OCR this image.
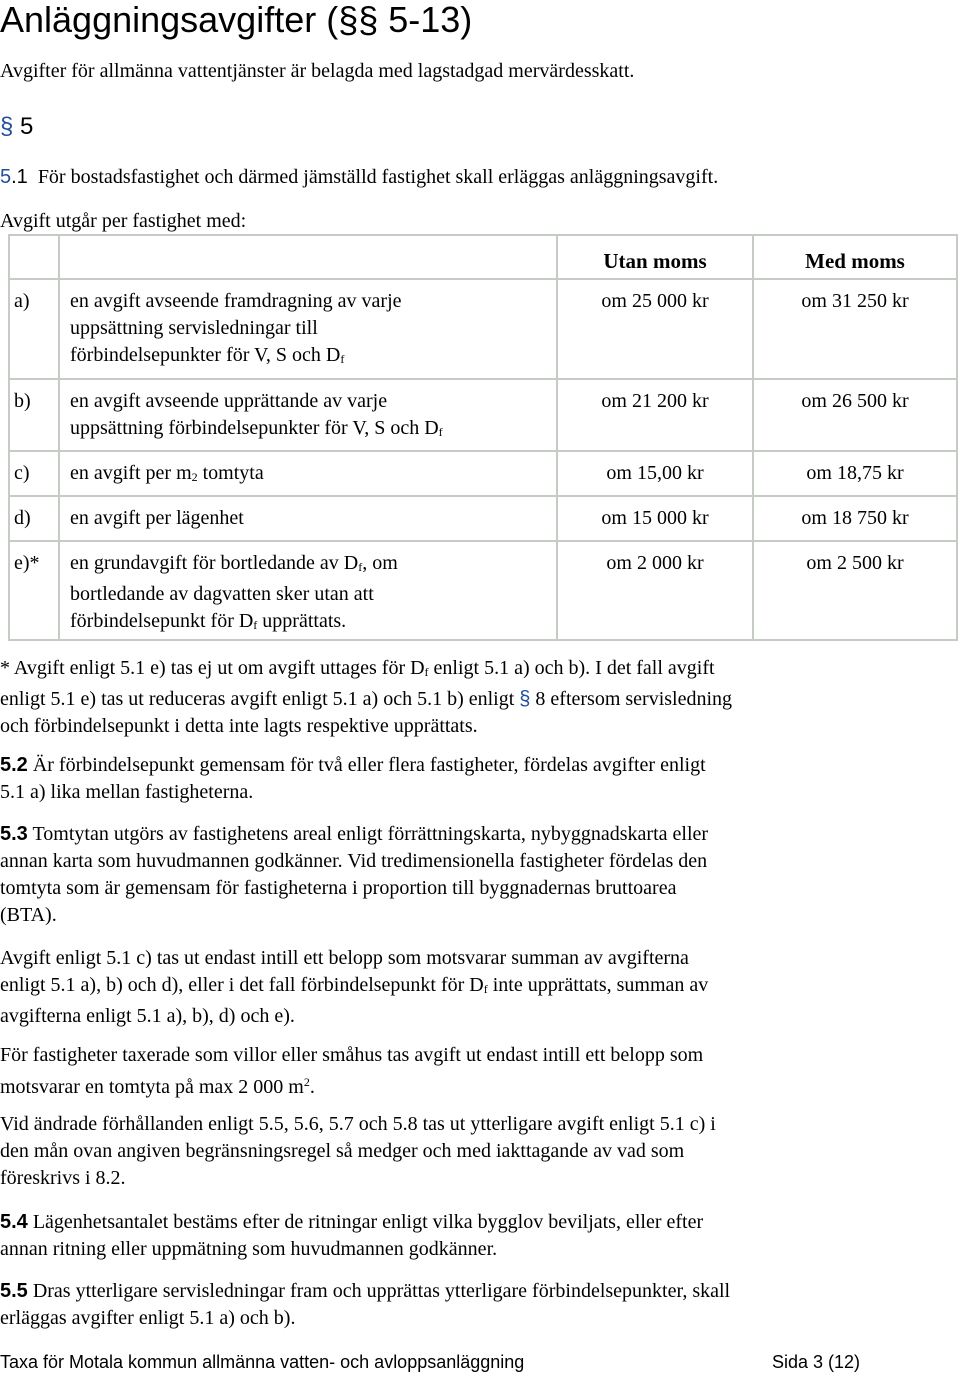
Anläggningsavgifter (§§ 5-13)
Avgifter för allmänna vattentjänster är belagda med lagstadgad mervärdesskatt.
§ 5
5.1 För bostadsfastighet och därmed jämställd fastighet skall erläggas anläggningsavgift.
Avgift utgår per fastighet med:
		Utan moms	Med moms
a)	en avgift avseende framdragning av varje
uppsättning servisledningar till
förbindelsepunkter för V, S och Df	om 25 000 kr	om 31 250 kr
b)	en avgift avseende upprättande av varje
uppsättning förbindelsepunkter för V, S och Df	om 21 200 kr	om 26 500 kr
c)	en avgift per m2 tomtyta	om 15,00 kr	om 18,75 kr
d)	en avgift per lägenhet	om 15 000 kr	om 18 750 kr
e)*	en grundavgift för bortledande av Df, om
bortledande av dagvatten sker utan att
förbindelsepunkt för Df upprättats.	om 2 000 kr	om 2 500 kr
* Avgift enligt 5.1 e) tas ej ut om avgift uttages för Df enligt 5.1 a) och b). I det fall avgift
enligt 5.1 e) tas ut reduceras avgift enligt 5.1 a) och 5.1 b) enligt § 8 eftersom servisledning
och förbindelsepunkt i detta inte lagts respektive upprättats.
5.2 Är förbindelsepunkt gemensam för två eller flera fastigheter, fördelas avgifter enligt
5.1 a) lika mellan fastigheterna.
5.3 Tomtytan utgörs av fastighetens areal enligt förrättningskarta, nybyggnadskarta eller
annan karta som huvudmannen godkänner. Vid tredimensionella fastigheter fördelas den
tomtyta som är gemensam för fastigheterna i proportion till byggnadernas bruttoarea
(BTA).
Avgift enligt 5.1 c) tas ut endast intill ett belopp som motsvarar summan av avgifterna
enligt 5.1 a), b) och d), eller i det fall förbindelsepunkt för Df inte upprättats, summan av
avgifterna enligt 5.1 a), b), d) och e).
För fastigheter taxerade som villor eller småhus tas avgift ut endast intill ett belopp som
motsvarar en tomtyta på max 2 000 $m^2$.
Vid ändrade förhållanden enligt 5.5, 5.6, 5.7 och 5.8 tas ut ytterligare avgift enligt 5.1 c) i
den mån ovan angiven begränsningsregel så medger och med iakttagande av vad som
föreskrivs i 8.2.
5.4 Lägenhetsantalet bestäms efter de ritningar enligt vilka bygglov beviljats, eller efter
annan ritning eller uppmätning som huvudmannen godkänner.
5.5 Dras ytterligare servisledningar fram och upprättas ytterligare förbindelsepunkter, skall
erläggas avgifter enligt 5.1 a) och b).
Taxa för Motala kommun allmänna vatten- och avloppsanläggning	Sida 3 (12)
